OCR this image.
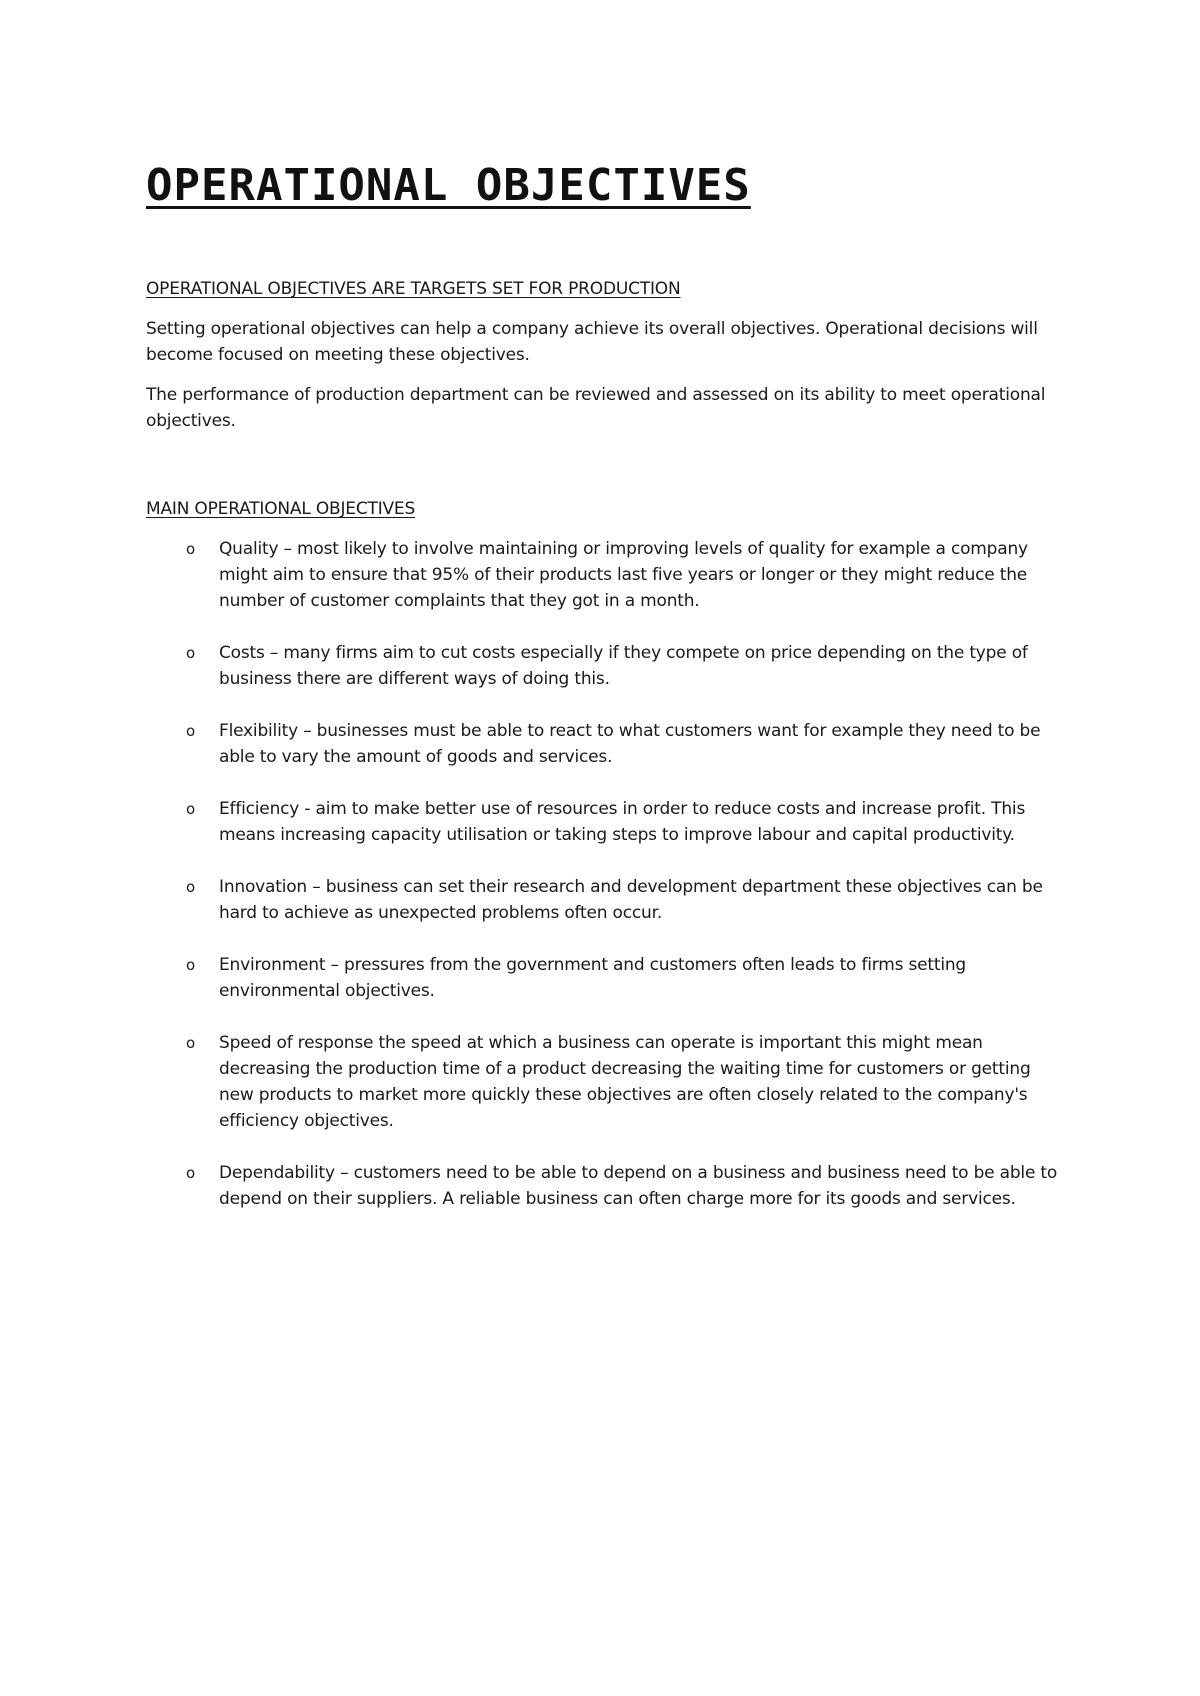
OPERATIONAL OBJECTIVES
OPERATIONAL OBJECTIVES ARE TARGETS SET FOR PRODUCTION

Setting operational objectives can help a company achieve its overall objectives. Operational decisions will become focused on meeting these objectives.

The performance of production department can be reviewed and assessed on its ability to meet operational objectives.

MAIN OPERATIONAL OBJECTIVES
o Quality – most likely to involve maintaining or improving levels of quality for example a company might aim to ensure that 95% of their products last five years or longer or they might reduce the number of customer complaints that they got in a month.
o Costs – many firms aim to cut costs especially if they compete on price depending on the type of business there are different ways of doing this.
o Flexibility – businesses must be able to react to what customers want for example they need to be able to vary the amount of goods and services.
o Efficiency - aim to make better use of resources in order to reduce costs and increase profit. This means increasing capacity utilisation or taking steps to improve labour and capital productivity.
o Innovation – business can set their research and development department these objectives can be hard to achieve as unexpected problems often occur.
o Environment – pressures from the government and customers often leads to firms setting environmental objectives.
o Speed of response the speed at which a business can operate is important this might mean decreasing the production time of a product decreasing the waiting time for customers or getting new products to market more quickly these objectives are often closely related to the company's efficiency objectives.
o Dependability – customers need to be able to depend on a business and business need to be able to depend on their suppliers. A reliable business can often charge more for its goods and services.
